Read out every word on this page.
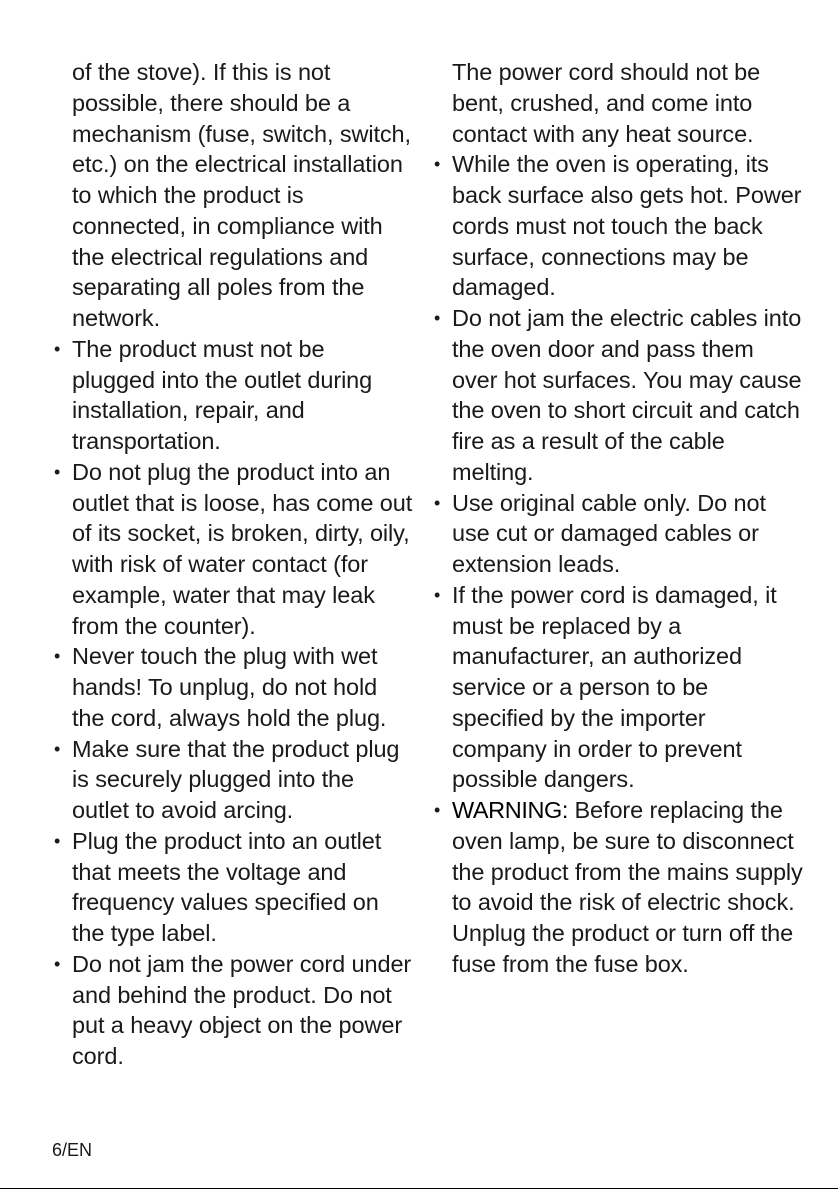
of the stove). If this is not possible, there should be a mechanism (fuse, switch, switch, etc.) on the electrical installation to which the product is connected, in compliance with the electrical regulations and separating all poles from the network.

• The product must not be plugged into the outlet during installation, repair, and transportation.
• Do not plug the product into an outlet that is loose, has come out of its socket, is broken, dirty, oily, with risk of water contact (for example, water that may leak from the counter).
• Never touch the plug with wet hands! To unplug, do not hold the cord, always hold the plug.
• Make sure that the product plug is securely plugged into the outlet to avoid arcing.
• Plug the product into an outlet that meets the voltage and frequency values specified on the type label.
• Do not jam the power cord under and behind the product. Do not put a heavy object on the power cord.

The power cord should not be bent, crushed, and come into contact with any heat source.

• While the oven is operating, its back surface also gets hot. Power cords must not touch the back surface, connections may be damaged.
• Do not jam the electric cables into the oven door and pass them over hot surfaces. You may cause the oven to short circuit and catch fire as a result of the cable melting.
• Use original cable only. Do not use cut or damaged cables or extension leads.
• If the power cord is damaged, it must be replaced by a manufacturer, an authorized service or a person to be specified by the importer company in order to prevent possible dangers.
• WARNING: Before replacing the oven lamp, be sure to disconnect the product from the mains supply to avoid the risk of electric shock. Unplug the product or turn off the fuse from the fuse box.
6/EN
